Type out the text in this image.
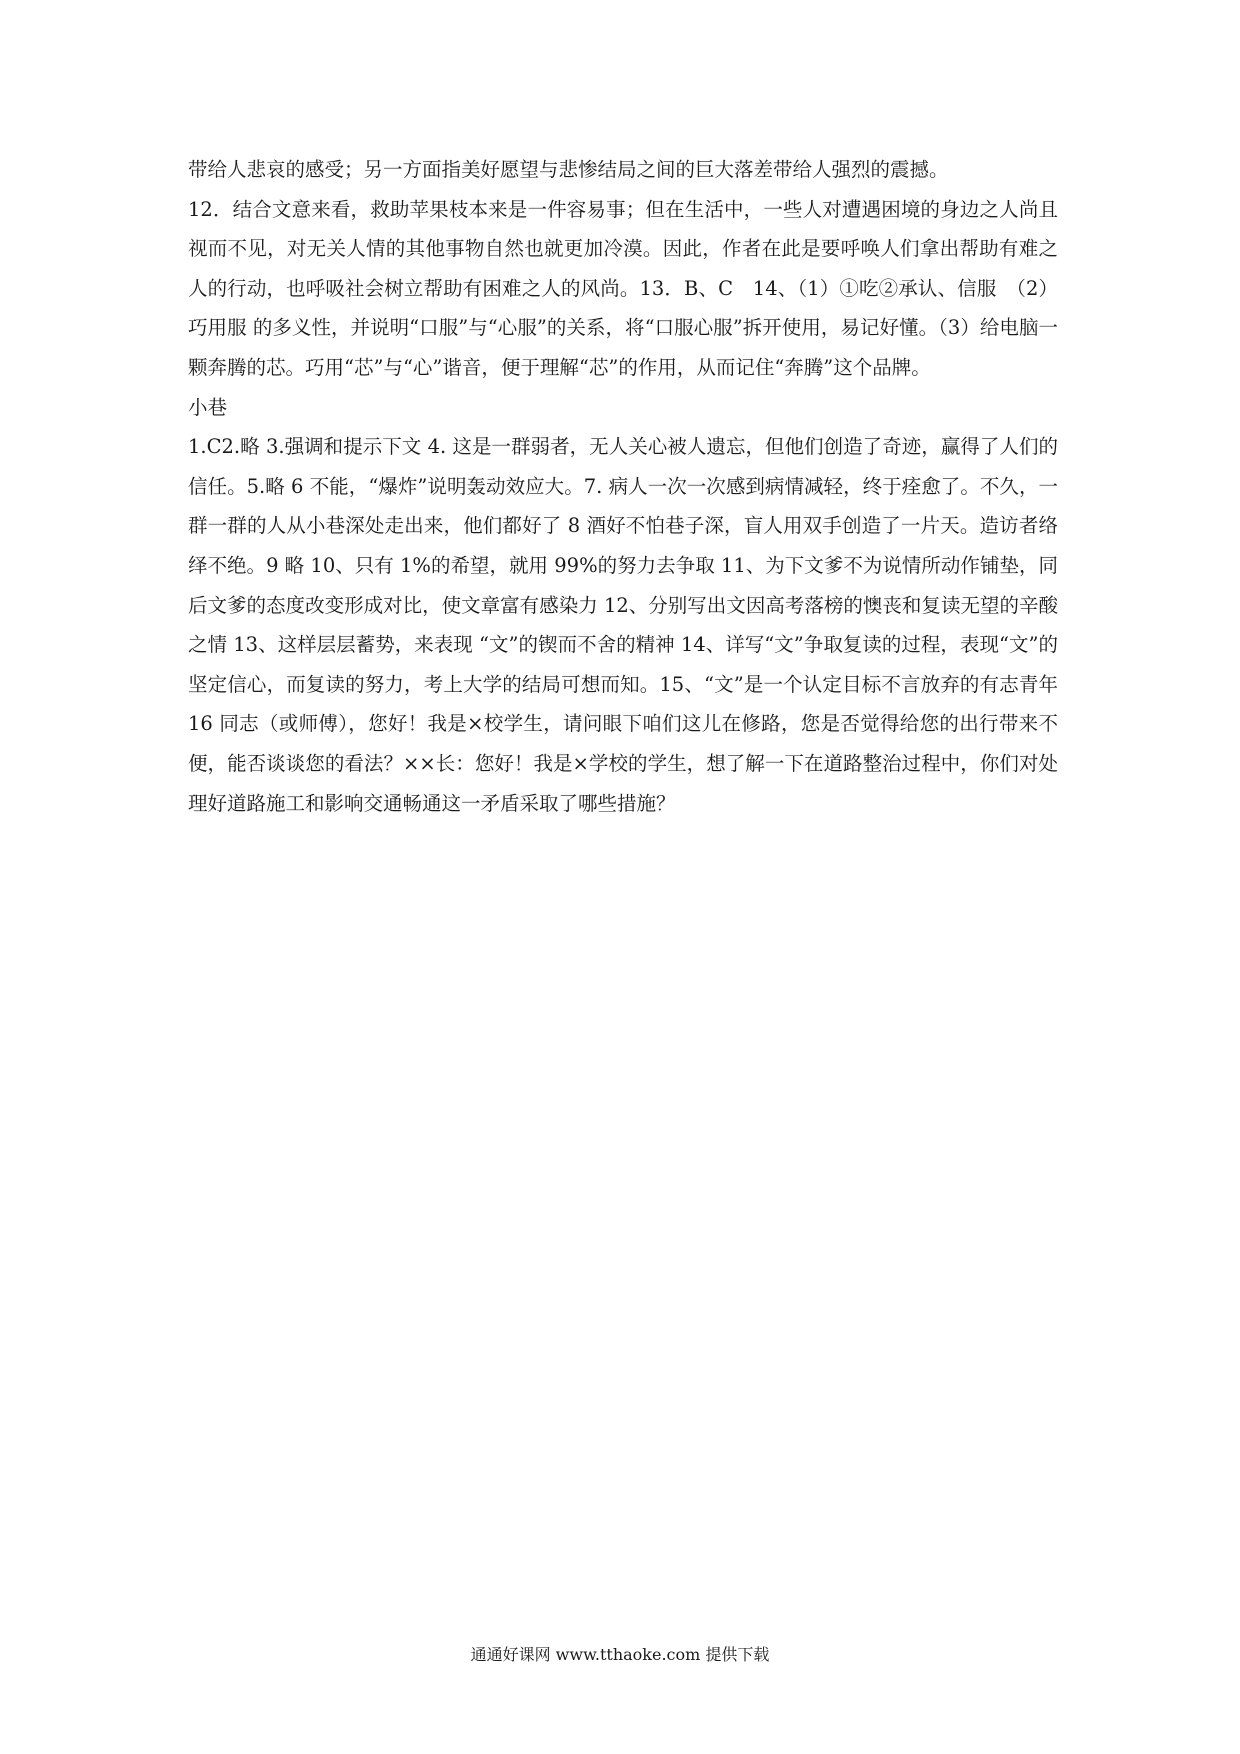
带给人悲哀的感受；另一方面指美好愿望与悲惨结局之间的巨大落差带给人强烈的震撼。

12．结合文意来看，救助苹果枝本来是一件容易事；但在生活中，一些人对遭遇困境的身边之人尚且视而不见，对无关人情的其他事物自然也就更加冷漠。因此，作者在此是要呼唤人们拿出帮助有难之人的行动，也呼吸社会树立帮助有困难之人的风尚。13．B、C　14、（1）①吃②承认、信服　（2）巧用服 的多义性，并说明“口服”与“心服”的关系，将“口服心服”拆开使用，易记好懂。（3）给电脑一颗奔腾的芯。巧用“芯”与“心”谐音，便于理解“芯”的作用，从而记住“奔腾”这个品牌。

小巷

1.C2.略 3.强调和提示下文 4. 这是一群弱者，无人关心被人遗忘，但他们创造了奇迹，赢得了人们的信任。5.略 6 不能，“爆炸”说明轰动效应大。7. 病人一次一次感到病情减轻，终于痊愈了。不久，一群一群的人从小巷深处走出来，他们都好了 8 酒好不怕巷子深，盲人用双手创造了一片天。造访者络绎不绝。9 略 10、只有 1%的希望，就用 99%的努力去争取 11、为下文爹不为说情所动作铺垫，同后文爹的态度改变形成对比，使文章富有感染力 12、分别写出文因高考落榜的懊丧和复读无望的辛酸之情 13、这样层层蓄势，来表现 “文”的锲而不舍的精神 14、详写“文”争取复读的过程，表现“文”的坚定信心，而复读的努力，考上大学的结局可想而知。15、“文”是一个认定目标不言放弃的有志青年 16 同志（或师傅），您好！我是×校学生，请问眼下咱们这儿在修路，您是否觉得给您的出行带来不便，能否谈谈您的看法？××长：您好！我是×学校的学生，想了解一下在道路整治过程中，你们对处理好道路施工和影响交通畅通这一矛盾采取了哪些措施？

通通好课网 www.tthaoke.com 提供下载
